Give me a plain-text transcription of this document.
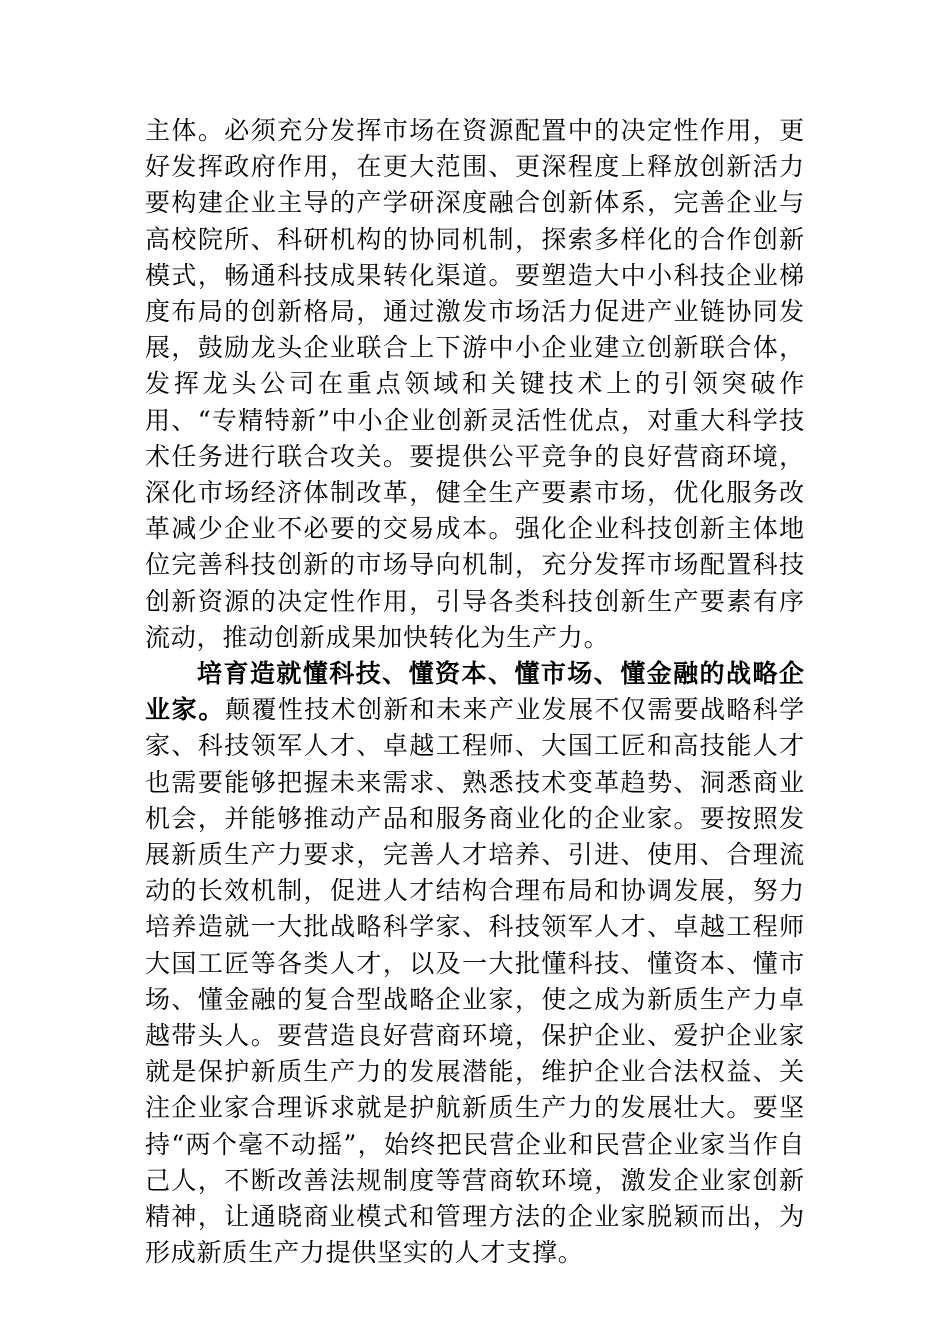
主体。必须充分发挥市场在资源配置中的决定性作用，更好发挥政府作用，在更大范围、更深程度上释放创新活力要构建企业主导的产学研深度融合创新体系，完善企业与高校院所、科研机构的协同机制，探索多样化的合作创新模式，畅通科技成果转化渠道。要塑造大中小科技企业梯度布局的创新格局，通过激发市场活力促进产业链协同发展，鼓励龙头企业联合上下游中小企业建立创新联合体，发挥龙头公司在重点领域和关键技术上的引领突破作用、“专精特新”中小企业创新灵活性优点，对重大科学技术任务进行联合攻关。要提供公平竞争的良好营商环境，深化市场经济体制改革，健全生产要素市场，优化服务改革减少企业不必要的交易成本。强化企业科技创新主体地位完善科技创新的市场导向机制，充分发挥市场配置科技创新资源的决定性作用，引导各类科技创新生产要素有序流动，推动创新成果加快转化为生产力。

培育造就懂科技、懂资本、懂市场、懂金融的战略企业家。颠覆性技术创新和未来产业发展不仅需要战略科学家、科技领军人才、卓越工程师、大国工匠和高技能人才也需要能够把握未来需求、熟悉技术变革趋势、洞悉商业机会，并能够推动产品和服务商业化的企业家。要按照发展新质生产力要求，完善人才培养、引进、使用、合理流动的长效机制，促进人才结构合理布局和协调发展，努力培养造就一大批战略科学家、科技领军人才、卓越工程师大国工匠等各类人才，以及一大批懂科技、懂资本、懂市场、懂金融的复合型战略企业家，使之成为新质生产力卓越带头人。要营造良好营商环境，保护企业、爱护企业家就是保护新质生产力的发展潜能，维护企业合法权益、关注企业家合理诉求就是护航新质生产力的发展壮大。要坚持“两个毫不动摇”，始终把民营企业和民营企业家当作自己人，不断改善法规制度等营商软环境，激发企业家创新精神，让通晓商业模式和管理方法的企业家脱颖而出，为形成新质生产力提供坚实的人才支撑。
